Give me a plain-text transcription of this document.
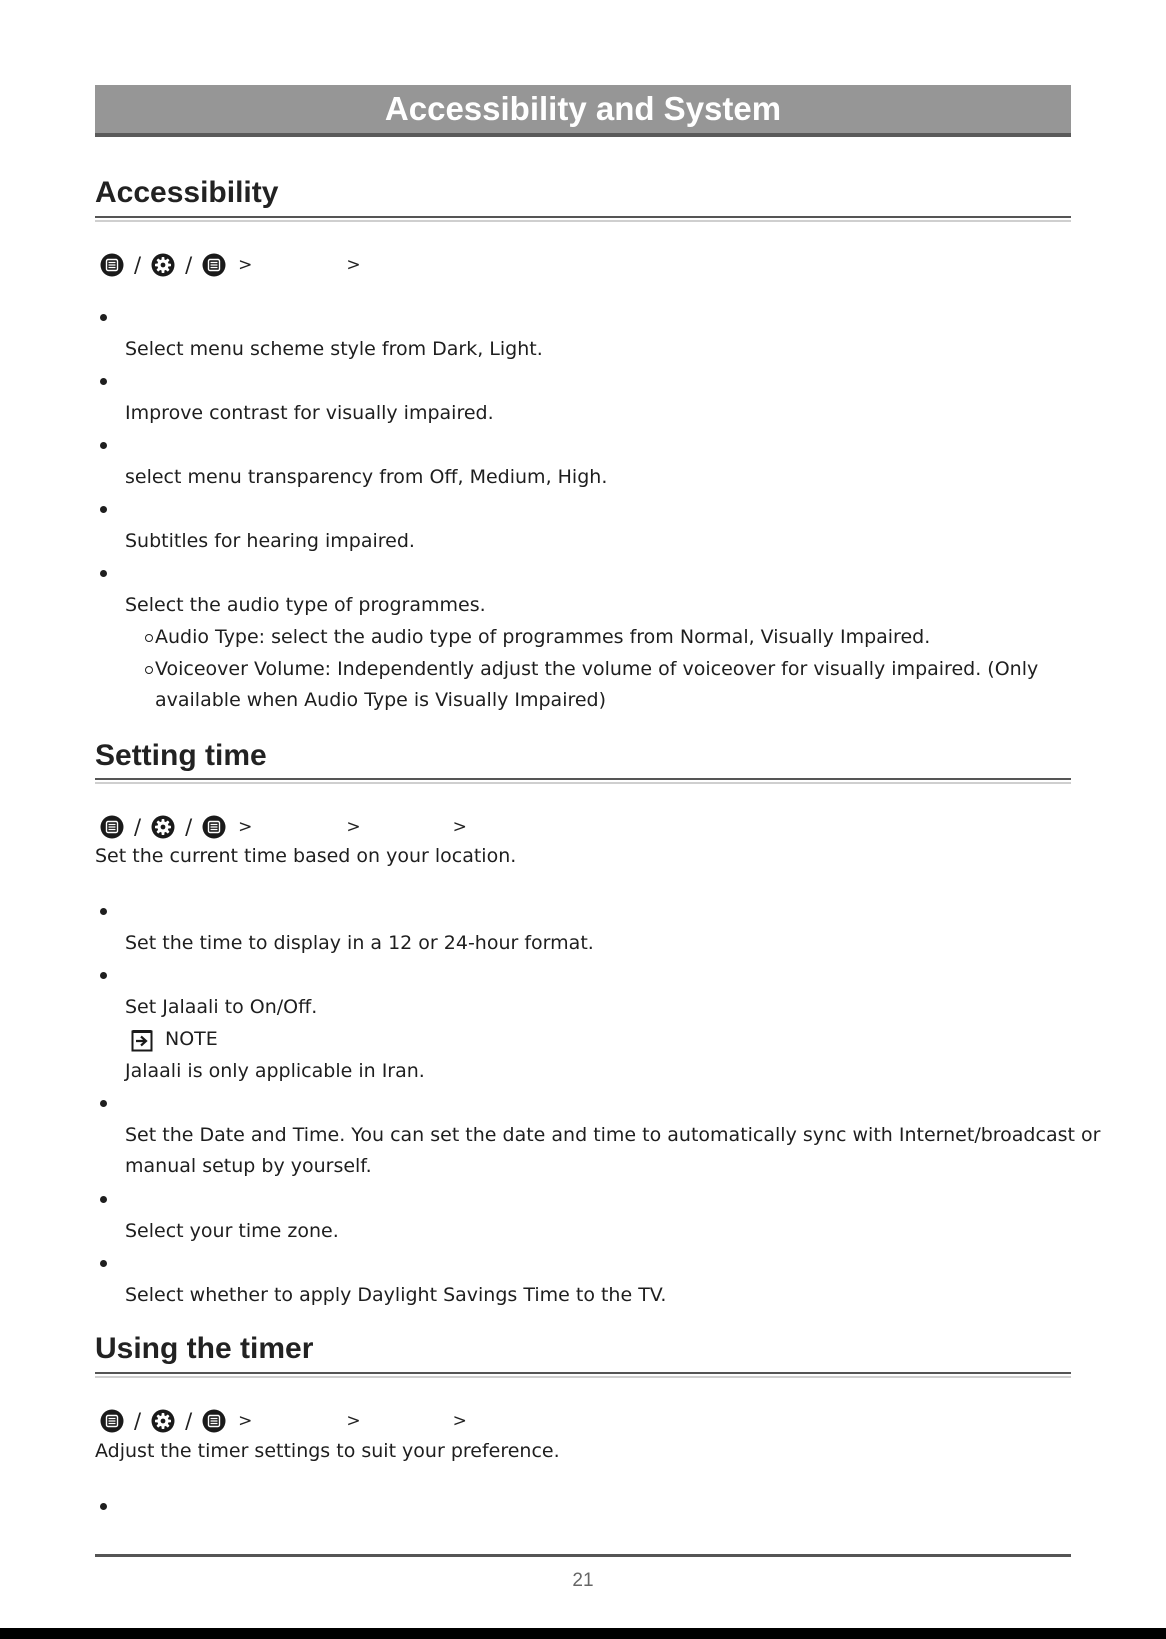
Accessibility and System
Accessibility
/ /	>	>
Select menu scheme style from Dark, Light.
Improve contrast for visually impaired.
select menu transparency from Off, Medium, High.
Subtitles for hearing impaired.
Select the audio type of programmes.
Audio Type: select the audio type of programmes from Normal, Visually Impaired.
Voiceover Volume: Independently adjust the volume of voiceover for visually impaired. (Only
available when Audio Type is Visually Impaired)
Setting time
/ /	>	>	>
Set the current time based on your location.
Set the time to display in a 12 or 24-hour format.
Set Jalaali to On/Off.
NOTE
Jalaali is only applicable in Iran.
Set the Date and Time. You can set the date and time to automatically sync with Internet/broadcast or
manual setup by yourself.
Select your time zone.
Select whether to apply Daylight Savings Time to the TV.
Using the timer
/ /	>	>	>
Adjust the timer settings to suit your preference.
21
